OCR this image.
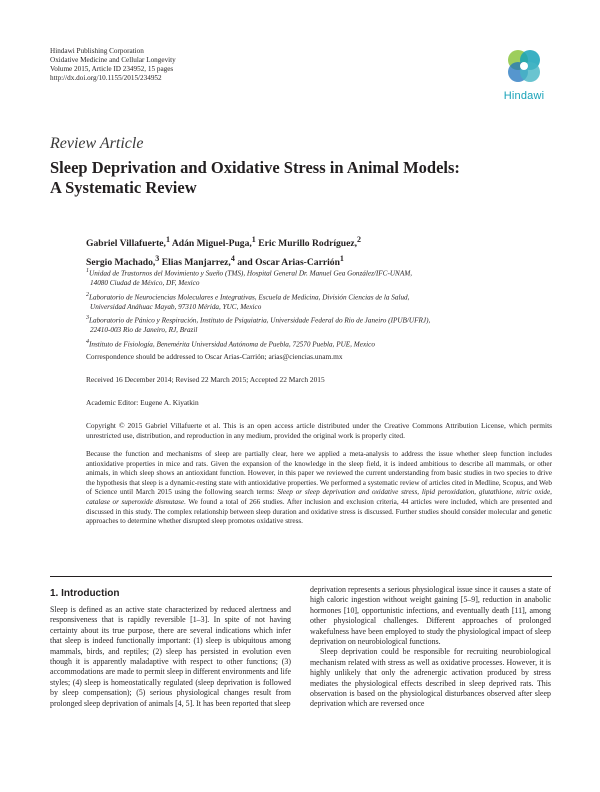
Hindawi Publishing Corporation
Oxidative Medicine and Cellular Longevity
Volume 2015, Article ID 234952, 15 pages
http://dx.doi.org/10.1155/2015/234952
Hindawi
Review Article
Sleep Deprivation and Oxidative Stress in Animal Models: A Systematic Review
Gabriel Villafuerte,$^1$ Adán Miguel-Puga,$^1$ Eric Murillo Rodríguez,$^2$
Sergio Machado,$^3$ Elias Manjarrez,$^4$ and Oscar Arias-Carrión$^1$
$^1$Unidad de Trastornos del Movimiento y Sueño (TMS), Hospital General Dr. Manuel Gea González/IFC-UNAM,
14080 Ciudad de México, DF, Mexico
$^2$Laboratorio de Neurociencias Moleculares e Integrativas, Escuela de Medicina, División Ciencias de la Salud,
Universidad Anáhuac Mayab, 97310 Mérida, YUC, Mexico
$^3$Laboratorio de Pánico y Respiración, Instituto de Psiquiatria, Universidade Federal do Rio de Janeiro (IPUB/UFRJ),
22410-003 Rio de Janeiro, RJ, Brazil
$^4$Instituto de Fisiología, Benemérita Universidad Autónoma de Puebla, 72570 Puebla, PUE, Mexico
Correspondence should be addressed to Oscar Arias-Carrión; arias@ciencias.unam.mx
Received 16 December 2014; Revised 22 March 2015; Accepted 22 March 2015
Academic Editor: Eugene A. Kiyatkin
Copyright © 2015 Gabriel Villafuerte et al. This is an open access article distributed under the Creative Commons Attribution License, which permits unrestricted use, distribution, and reproduction in any medium, provided the original work is properly cited.
Because the function and mechanisms of sleep are partially clear, here we applied a meta-analysis to address the issue whether sleep function includes antioxidative properties in mice and rats. Given the expansion of the knowledge in the sleep field, it is indeed ambitious to describe all mammals, or other animals, in which sleep shows an antioxidant function. However, in this paper we reviewed the current understanding from basic studies in two species to drive the hypothesis that sleep is a dynamic-resting state with antioxidative properties. We performed a systematic review of articles cited in Medline, Scopus, and Web of Science until March 2015 using the following search terms: Sleep or sleep deprivation and oxidative stress, lipid peroxidation, glutathione, nitric oxide, catalase or superoxide dismutase. We found a total of 266 studies. After inclusion and exclusion criteria, 44 articles were included, which are presented and discussed in this study. The complex relationship between sleep duration and oxidative stress is discussed. Further studies should consider molecular and genetic approaches to determine whether disrupted sleep promotes oxidative stress.
1. Introduction

Sleep is defined as an active state characterized by reduced alertness and responsiveness that is rapidly reversible [1–3]. In spite of not having certainty about its true purpose, there are several indications which infer that sleep is indeed functionally important: (1) sleep is ubiquitous among mammals, birds, and reptiles; (2) sleep has persisted in evolution even though it is apparently maladaptive with respect to other functions; (3) accommodations are made to permit sleep in different environments and life styles; (4) sleep is homeostatically regulated (sleep deprivation is followed by sleep compensation); (5) serious physiological changes result from prolonged sleep deprivation of animals [4, 5]. It has been reported that sleep

deprivation represents a serious physiological issue since it causes a state of high caloric ingestion without weight gaining [5–9], reduction in anabolic hormones [10], opportunistic infections, and eventually death [11], among other physiological challenges. Different approaches of prolonged wakefulness have been employed to study the physiological impact of sleep deprivation on neurobiological functions.

Sleep deprivation could be responsible for recruiting neurobiological mechanism related with stress as well as oxidative processes. However, it is highly unlikely that only the adrenergic activation produced by stress mediates the physiological effects described in sleep deprived rats. This observation is based on the physiological disturbances observed after sleep deprivation which are reversed once
